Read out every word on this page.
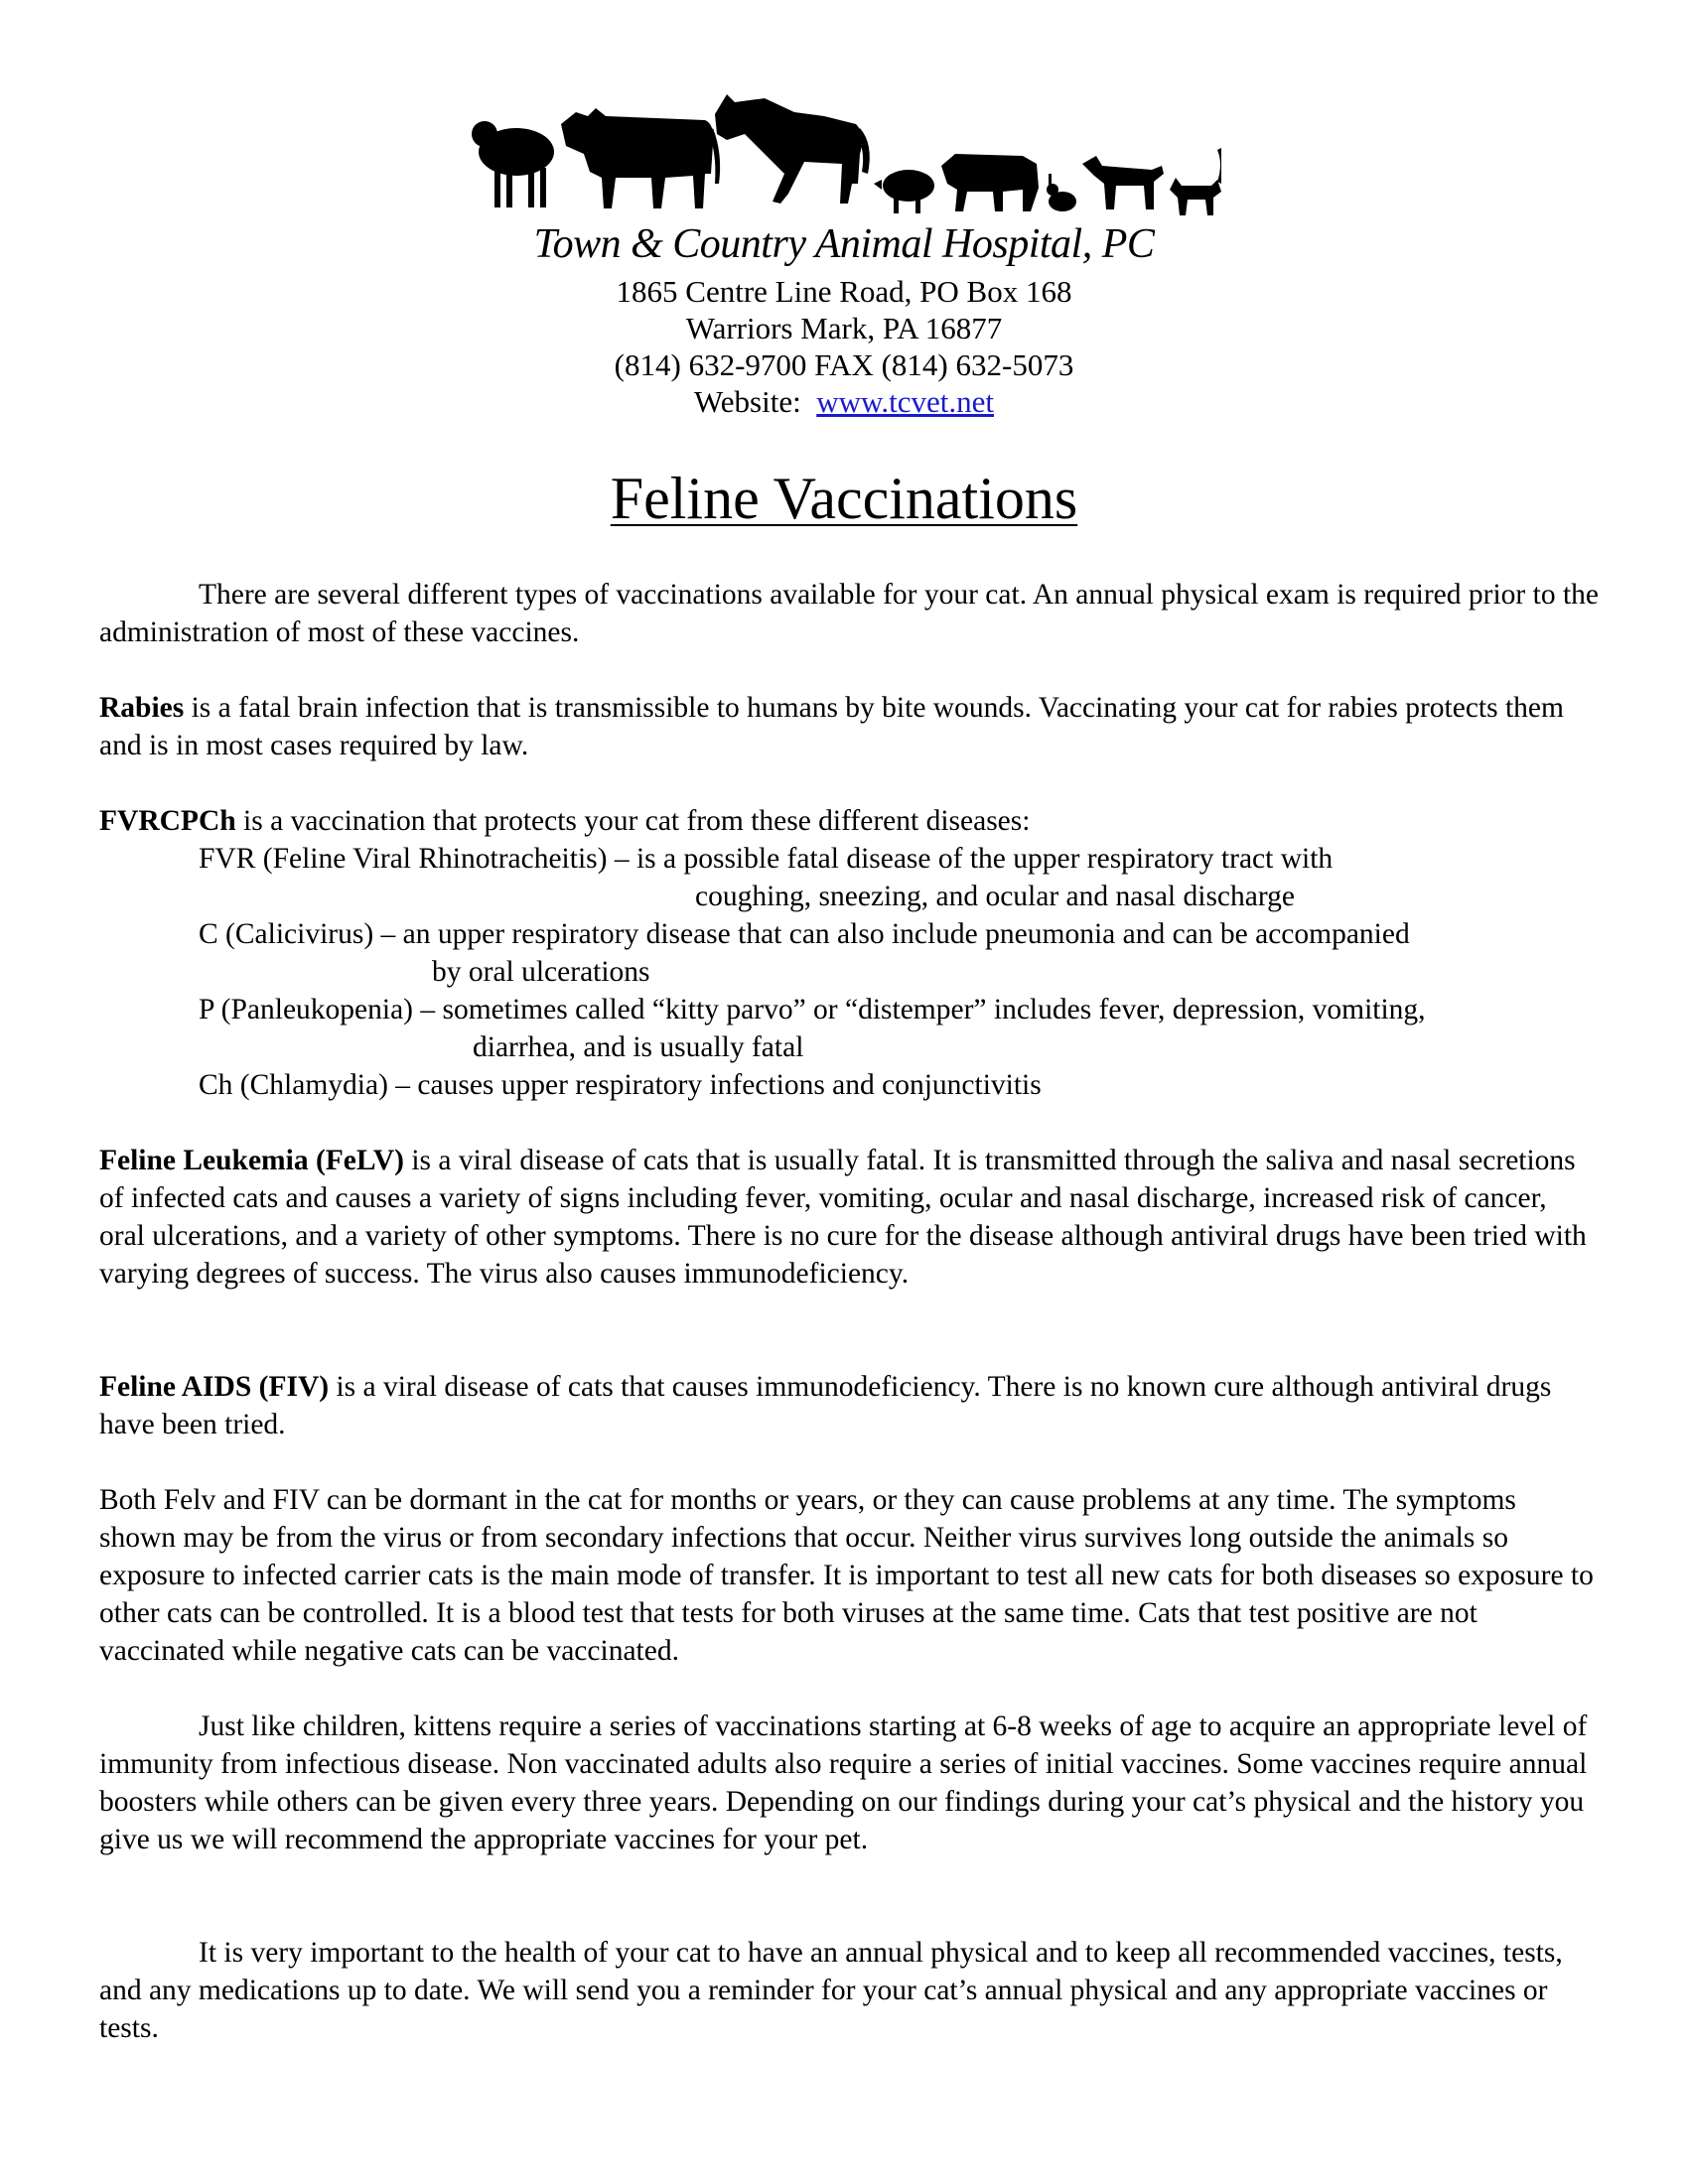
Town & Country Animal Hospital, PC
1865 Centre Line Road, PO Box 168
Warriors Mark, PA 16877
(814) 632-9700 FAX (814) 632-5073
Website: www.tcvet.net
Feline Vaccinations

There are several different types of vaccinations available for your cat. An annual physical exam is required prior to the administration of most of these vaccines.

Rabies is a fatal brain infection that is transmissible to humans by bite wounds. Vaccinating your cat for rabies protects them and is in most cases required by law.

FVRCPCh is a vaccination that protects your cat from these different diseases:

FVR (Feline Viral Rhinotracheitis) – is a possible fatal disease of the upper respiratory tract with
coughing, sneezing, and ocular and nasal discharge
C (Calicivirus) – an upper respiratory disease that can also include pneumonia and can be accompanied
by oral ulcerations
P (Panleukopenia) – sometimes called “kitty parvo” or “distemper” includes fever, depression, vomiting,
diarrhea, and is usually fatal
Ch (Chlamydia) – causes upper respiratory infections and conjunctivitis

Feline Leukemia (FeLV) is a viral disease of cats that is usually fatal. It is transmitted through the saliva and nasal secretions of infected cats and causes a variety of signs including fever, vomiting, ocular and nasal discharge, increased risk of cancer, oral ulcerations, and a variety of other symptoms. There is no cure for the disease although antiviral drugs have been tried with varying degrees of success. The virus also causes immunodeficiency.

Feline AIDS (FIV) is a viral disease of cats that causes immunodeficiency. There is no known cure although antiviral drugs have been tried.

Both Felv and FIV can be dormant in the cat for months or years, or they can cause problems at any time. The symptoms shown may be from the virus or from secondary infections that occur. Neither virus survives long outside the animals so exposure to infected carrier cats is the main mode of transfer. It is important to test all new cats for both diseases so exposure to other cats can be controlled. It is a blood test that tests for both viruses at the same time. Cats that test positive are not vaccinated while negative cats can be vaccinated.

Just like children, kittens require a series of vaccinations starting at 6-8 weeks of age to acquire an appropriate level of immunity from infectious disease. Non vaccinated adults also require a series of initial vaccines. Some vaccines require annual boosters while others can be given every three years. Depending on our findings during your cat’s physical and the history you give us we will recommend the appropriate vaccines for your pet.

It is very important to the health of your cat to have an annual physical and to keep all recommended vaccines, tests, and any medications up to date. We will send you a reminder for your cat’s annual physical and any appropriate vaccines or tests.
